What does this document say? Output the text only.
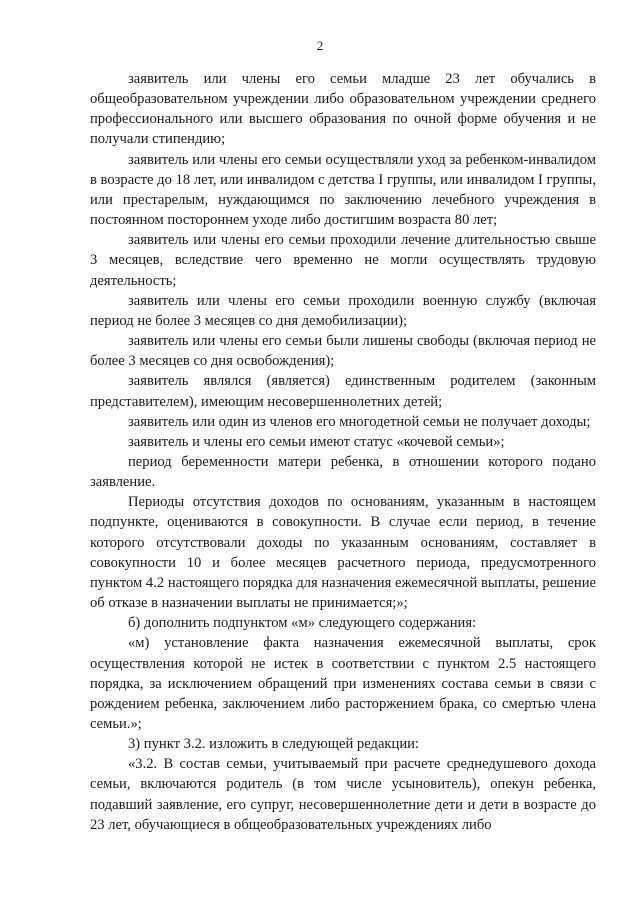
2

заявитель или члены его семьи младше 23 лет обучались в общеобразовательном учреждении либо образовательном учреждении среднего профессионального или высшего образования по очной форме обучения и не получали стипендию;

заявитель или члены его семьи осуществляли уход за ребенком-инвалидом в возрасте до 18 лет, или инвалидом с детства I группы, или инвалидом I группы, или престарелым, нуждающимся по заключению лечебного учреждения в постоянном постороннем уходе либо достигшим возраста 80 лет;

заявитель или члены его семьи проходили лечение длительностью свыше 3 месяцев, вследствие чего временно не могли осуществлять трудовую деятельность;

заявитель или члены его семьи проходили военную службу (включая период не более 3 месяцев со дня демобилизации);

заявитель или члены его семьи были лишены свободы (включая период не более 3 месяцев со дня освобождения);

заявитель являлся (является) единственным родителем (законным представителем), имеющим несовершеннолетних детей;

заявитель или один из членов его многодетной семьи не получает доходы;

заявитель и члены его семьи имеют статус «кочевой семьи»;

период беременности матери ребенка, в отношении которого подано заявление.

Периоды отсутствия доходов по основаниям, указанным в настоящем подпункте, оцениваются в совокупности. В случае если период, в течение которого отсутствовали доходы по указанным основаниям, составляет в совокупности 10 и более месяцев расчетного периода, предусмотренного пунктом 4.2 настоящего порядка для назначения ежемесячной выплаты, решение об отказе в назначении выплаты не принимается;»;

б) дополнить подпунктом «м» следующего содержания:

«м) установление факта назначения ежемесячной выплаты, срок осуществления которой не истек в соответствии с пунктом 2.5 настоящего порядка, за исключением обращений при изменениях состава семьи в связи с рождением ребенка, заключением либо расторжением брака, со смертью члена семьи.»;

3) пункт 3.2. изложить в следующей редакции:

«3.2. В состав семьи, учитываемый при расчете среднедушевого дохода семьи, включаются родитель (в том числе усыновитель), опекун ребенка, подавший заявление, его супруг, несовершеннолетние дети и дети в возрасте до 23 лет, обучающиеся в общеобразовательных учреждениях либо
